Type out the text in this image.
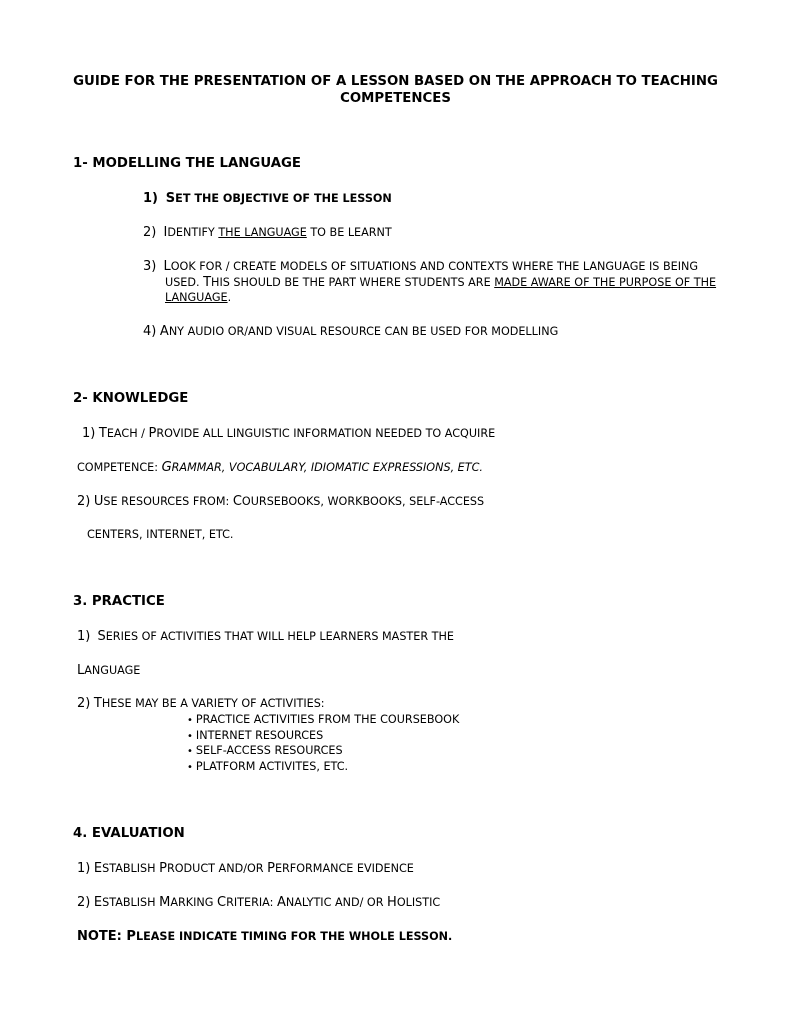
GUIDE FOR THE PRESENTATION OF A LESSON BASED ON THE APPROACH TO TEACHING
COMPETENCES
1- MODELLING THE LANGUAGE
1) SET THE OBJECTIVE OF THE LESSON
2) IDENTIFY THE LANGUAGE TO BE LEARNT
3) LOOK FOR / CREATE MODELS OF SITUATIONS AND CONTEXTS WHERE THE LANGUAGE IS BEING
USED. THIS SHOULD BE THE PART WHERE STUDENTS ARE MADE AWARE OF THE PURPOSE OF THE
LANGUAGE.
4) ANY AUDIO OR/AND VISUAL RESOURCE CAN BE USED FOR MODELLING
2- KNOWLEDGE
1) TEACH / PROVIDE ALL LINGUISTIC INFORMATION NEEDED TO ACQUIRE
COMPETENCE: GRAMMAR, VOCABULARY, IDIOMATIC EXPRESSIONS, ETC.
2) USE RESOURCES FROM: COURSEBOOKS, WORKBOOKS, SELF-ACCESS
CENTERS, INTERNET, ETC.
3. PRACTICE
1) SERIES OF ACTIVITIES THAT WILL HELP LEARNERS MASTER THE
LANGUAGE
2) THESE MAY BE A VARIETY OF ACTIVITIES:
• PRACTICE ACTIVITIES FROM THE COURSEBOOK
• INTERNET RESOURCES
• SELF-ACCESS RESOURCES
• PLATFORM ACTIVITES, ETC.
4. EVALUATION
1) ESTABLISH PRODUCT AND/OR PERFORMANCE EVIDENCE
2) ESTABLISH MARKING CRITERIA: ANALYTIC AND/ OR HOLISTIC
NOTE: PLEASE INDICATE TIMING FOR THE WHOLE LESSON.
